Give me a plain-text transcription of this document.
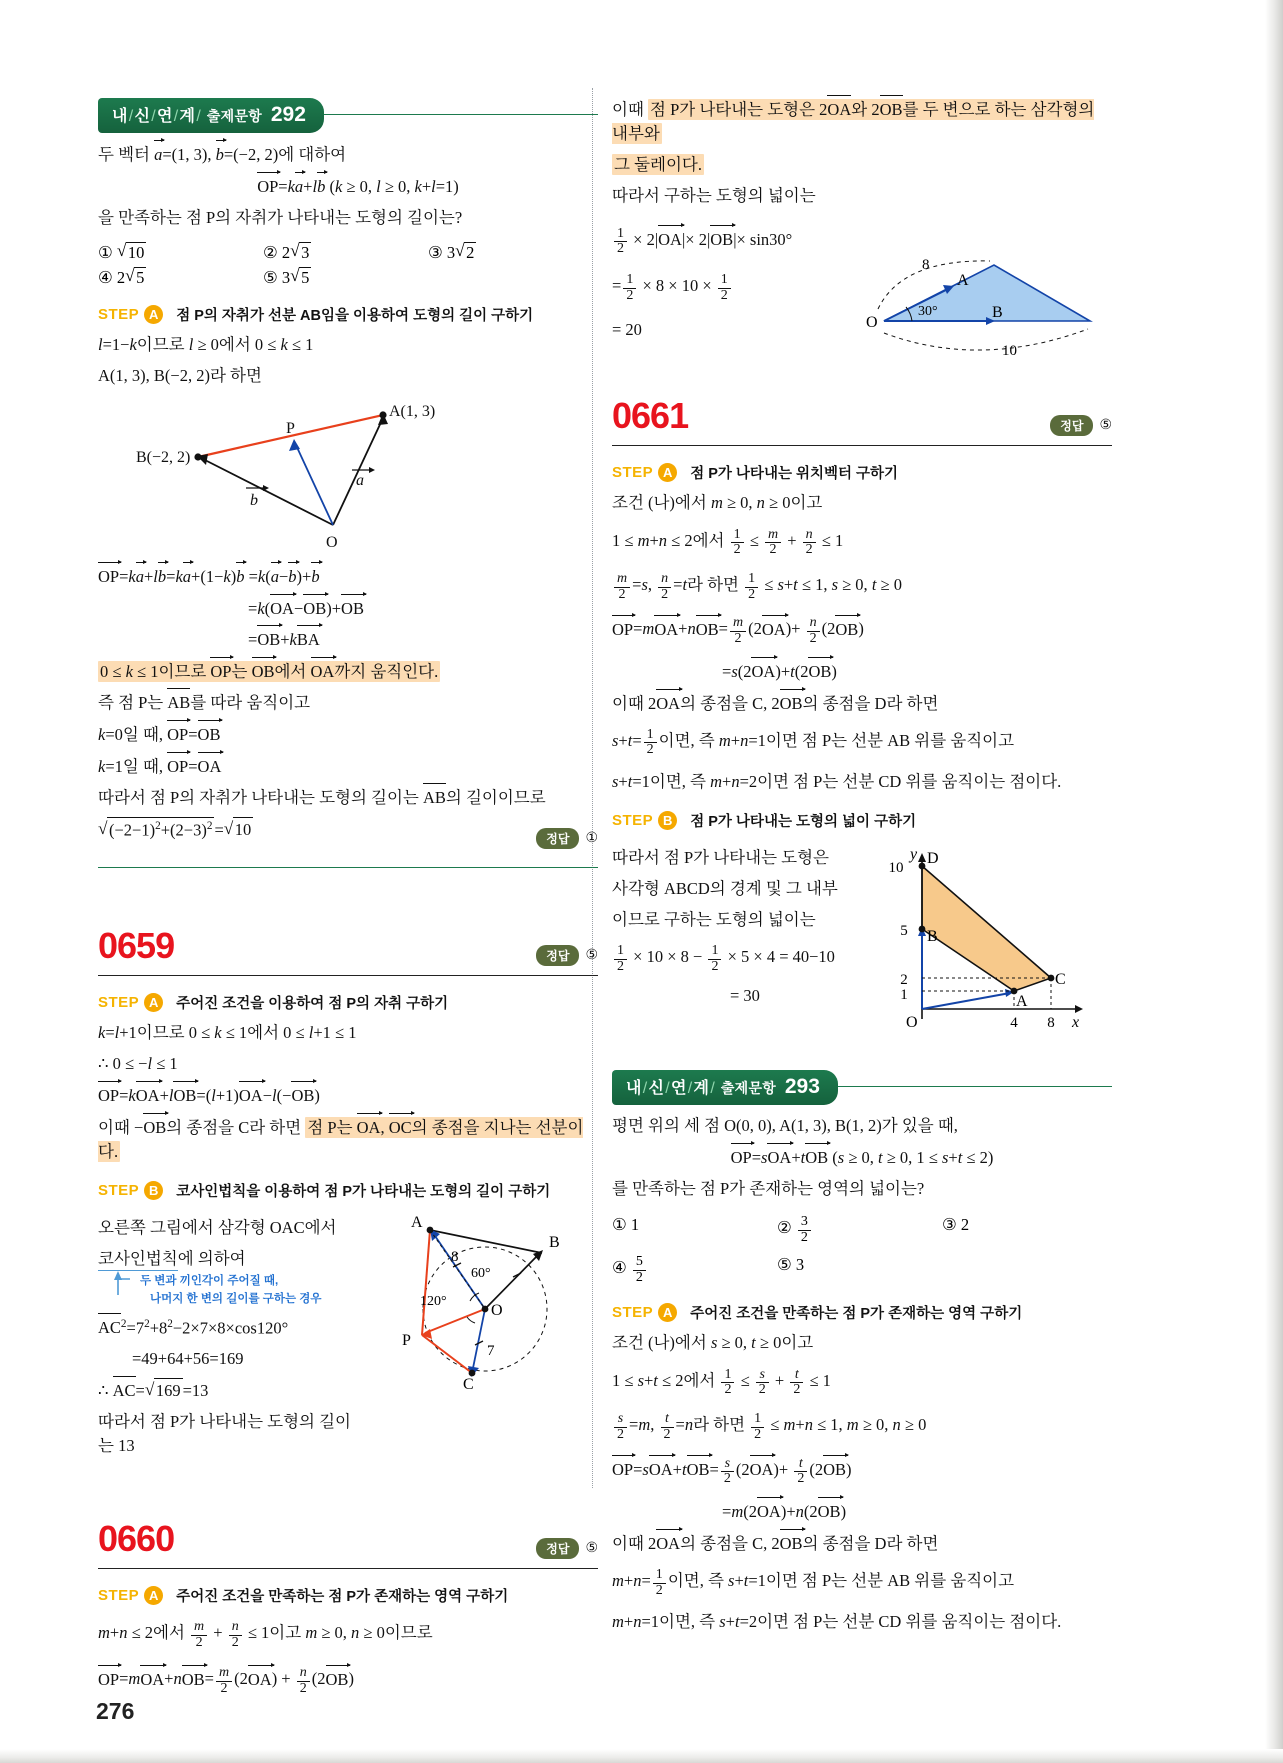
내/신/연/계/ 출제문항 292
두 벡터 a=(1, 3), b=(−2, 2)에 대하여
OP=ka+lb (k ≥ 0, l ≥ 0, k+l=1)
을 만족하는 점 P의 자취가 나타내는 도형의 길이는?
① √ 10	② 2 √ 3	③ 3 √ 2
④ 2 √ 5	⑤ 3 √ 5
STEP A	점 P의 자취가 선분 AB임을 이용하여 도형의 길이 구하기
l=1−k이므로 l ≥ 0에서 0 ≤ k ≤ 1
A(1, 3), B(−2, 2)라 하면
A(1, 3)
B(−2, 2)
P
O
a
b
OP=ka+lb=ka+(1−k)b =k(a−b)+b
=k(OA−OB)+OB
=OB+kBA
0 ≤ k ≤ 1이므로 OP는 OB에서 OA까지 움직인다.
즉 점 P는 AB를 따라 움직이고
k=0일 때, OP=OB
k=1일 때, OP=OA
따라서 점 P의 자취가 나타내는 도형의 길이는 AB의 길이이므로
√ $(-2-1)^2+(2-3)^2$ = √ 10	정답	①
0659	정답	⑤
STEP A	주어진 조건을 이용하여 점 P의 자취 구하기
k=l+1이므로 0 ≤ k ≤ 1에서 0 ≤ l+1 ≤ 1
∴ 0 ≤ −l ≤ 1
OP=kOA+lOB=(l+1)OA−l(−OB)
이때 −OB의 종점을 C라 하면 점 P는 OA, OC의 종점을 지나는 선분이다.
STEP B	코사인법칙을 이용하여 점 P가 나타내는 도형의 길이 구하기
오른쪽 그림에서 삼각형 OAC에서
코사인법칙에 의하여
두 변과 끼인각이 주어질 때,
나머지 한 변의 길이를 구하는 경우
$AC^2=7^2+8^2-2\times 7\times 8\times\cos 120^\circ$
=49+64+56=169
∴ AC= √ 169 =13
따라서 점 P가 나타내는 도형의 길이는 13
A
B
C
O
P
8
7
60°
120°
0660	정답	⑤
STEP A	주어진 조건을 만족하는 점 P가 존재하는 영역 구하기
m+n ≤ 2에서 $\frac{m}{2} + \frac{n}{2} \le 1$이고 m ≥ 0, n ≥ 0이므로
$OP=mOA+nOB= \frac{m}{2} (2OA) + \frac{n}{2} (2OB)$
이때 점 P가 나타내는 도형은 2OA와 2OB를 두 변으로 하는 삼각형의 내부와
그 둘레이다.
따라서 구하는 도형의 넓이는
$\frac{1}{2} \times 2|OA|\times 2|OB|\times \sin 30^\circ$
= $\frac{1}{2} \times 8 \times 10 \times \frac{1}{2}$
= 20	O
A
B
30°
8
10
0661	정답	⑤
STEP A	점 P가 나타내는 위치벡터 구하기
조건 (나)에서 m ≥ 0, n ≥ 0이고
1 ≤ m+n ≤ 2에서 $\frac{1}{2} \le \frac{m}{2} + \frac{n}{2} \le 1$
$\frac{m}{2} =s$, $\frac{n}{2} =t$라 하면 $\frac{1}{2} \le s+t \le 1$, s ≥ 0, t ≥ 0
$OP=mOA+nOB= \frac{m}{2} (2OA)+ \frac{n}{2} (2OB)$
=s(2OA)+t(2OB)
이때 2OA의 종점을 C, 2OB의 종점을 D라 하면
$s+t= \frac{1}{2}$ 이면, 즉 m+n=1이면 점 P는 선분 AB 위를 움직이고
s+t=1이면, 즉 m+n=2이면 점 P는 선분 CD 위를 움직이는 점이다.
STEP B	점 P가 나타내는 도형의 넓이 구하기
따라서 점 P가 나타내는 도형은
사각형 ABCD의 경계 및 그 내부
이므로 구하는 도형의 넓이는
$\frac{1}{2} \times 10 \times 8 - \frac{1}{2} \times 5 \times 4 = 40-10$
= 30
D
B
A
C
O
y
x
10
5
2
1
4 8
내/신/연/계/ 출제문항 293
평면 위의 세 점 O(0, 0), A(1, 3), B(1, 2)가 있을 때,
OP=sOA+tOB (s ≥ 0, t ≥ 0, 1 ≤ s+t ≤ 2)
를 만족하는 점 P가 존재하는 영역의 넓이는?
① 1	② $\frac{3}{2}$	③ 2
④ $\frac{5}{2}$	⑤ 3
STEP A	주어진 조건을 만족하는 점 P가 존재하는 영역 구하기
조건 (나)에서 s ≥ 0, t ≥ 0이고
1 ≤ s+t ≤ 2에서 $\frac{1}{2} \le \frac{s}{2} + \frac{t}{2} \le 1$
$\frac{s}{2} =m$, $\frac{t}{2} =n$라 하면 $\frac{1}{2} \le m+n \le 1$, m ≥ 0, n ≥ 0
$OP=sOA+tOB= \frac{s}{2} (2OA)+ \frac{t}{2} (2OB)$
=m(2OA)+n(2OB)
이때 2OA의 종점을 C, 2OB의 종점을 D라 하면
$m+n= \frac{1}{2}$ 이면, 즉 s+t=1이면 점 P는 선분 AB 위를 움직이고
m+n=1이면, 즉 s+t=2이면 점 P는 선분 CD 위를 움직이는 점이다.
276
